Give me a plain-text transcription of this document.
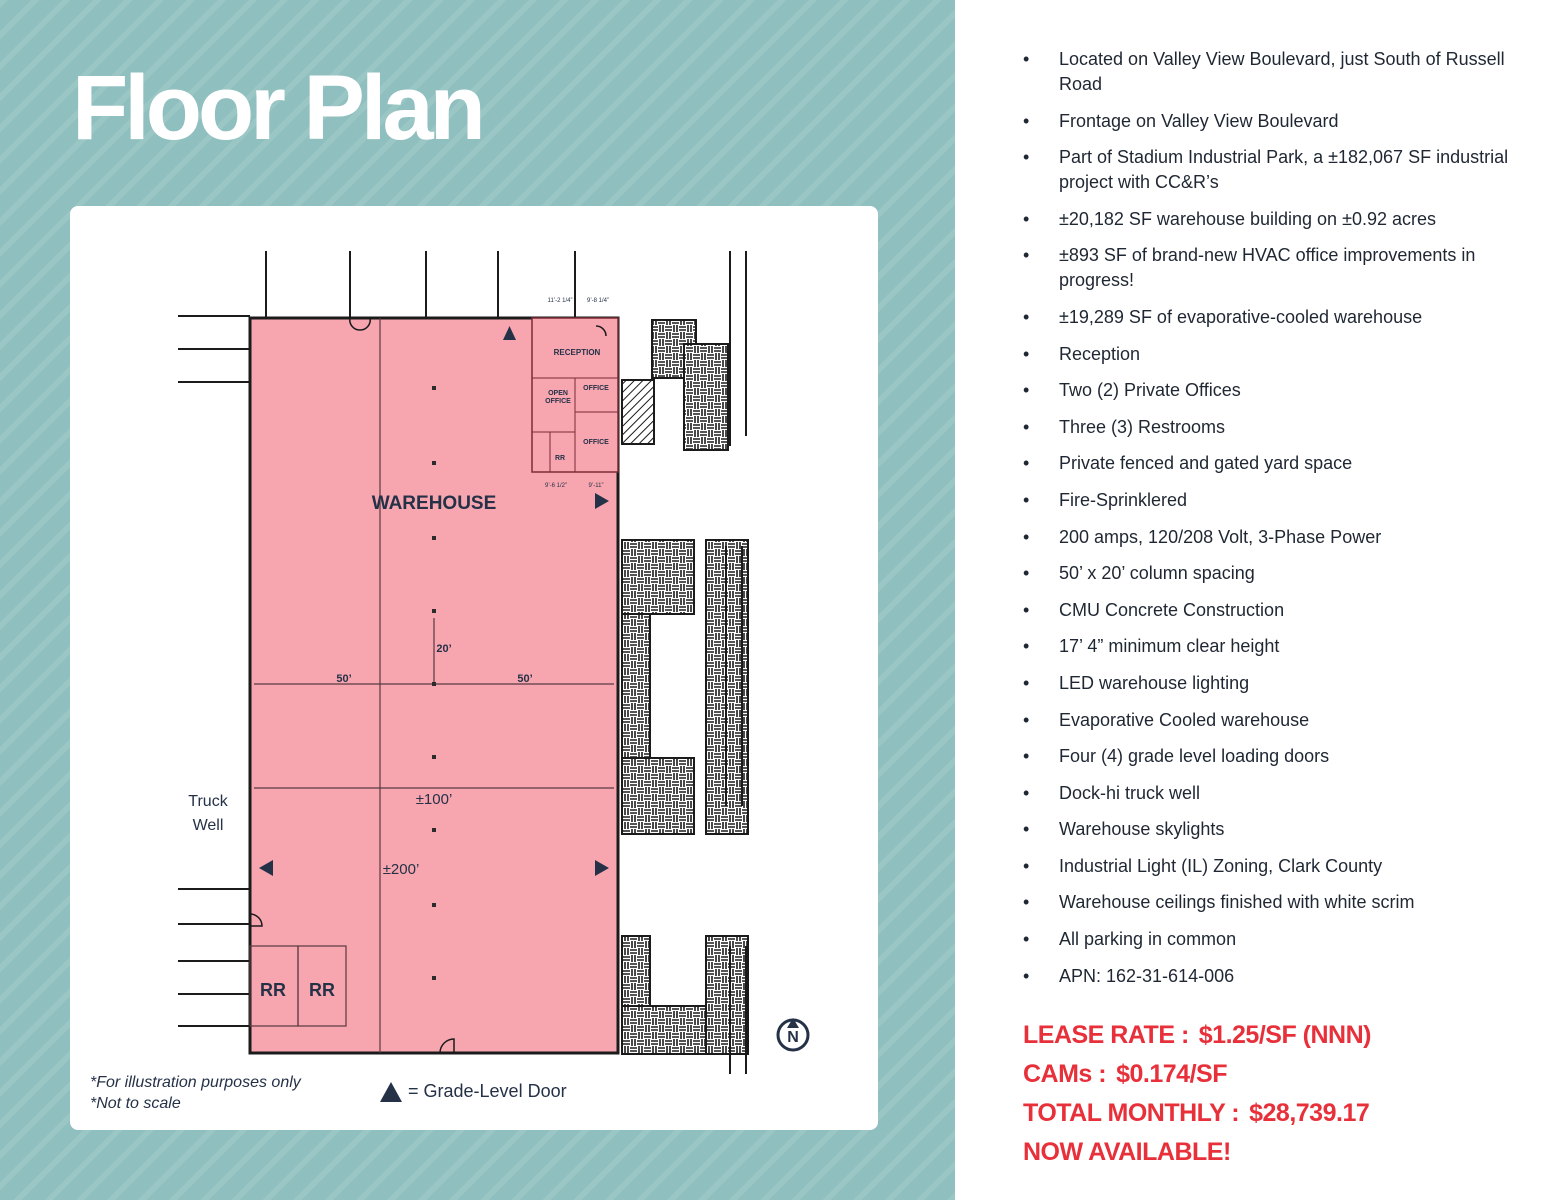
Floor Plan
N
WAREHOUSE
RECEPTION
OPEN
OFFICE
OFFICE
OFFICE
RR
20’
50’	50’
±100’
±200’
RR RR
Truck
Well
11’-2 1/4” 9’-8 1/4”
9’-6 1/2”	9’-11”
*For illustration purposes only
*Not to scale
= Grade-Level Door
• Located on Valley View Boulevard, just South of Russell Road
• Frontage on Valley View Boulevard
• Part of Stadium Industrial Park, a ±182,067 SF industrial project with CC&R’s
• ±20,182 SF warehouse building on ±0.92 acres
• ±893 SF of brand-new HVAC office improvements in progress!
• ±19,289 SF of evaporative-cooled warehouse
• Reception
• Two (2) Private Offices
• Three (3) Restrooms
• Private fenced and gated yard space
• Fire-Sprinklered
• 200 amps, 120/208 Volt, 3-Phase Power
• 50’ x 20’ column spacing
• CMU Concrete Construction
• 17’ 4” minimum clear height
• LED warehouse lighting
• Evaporative Cooled warehouse
• Four (4) grade level loading doors
• Dock-hi truck well
• Warehouse skylights
• Industrial Light (IL) Zoning, Clark County
• Warehouse ceilings finished with white scrim
• All parking in common
• APN: 162-31-614-006
LEASE RATE : $1.25/SF (NNN)
CAMs : $0.174/SF
TOTAL MONTHLY : $28,739.17
NOW AVAILABLE!
